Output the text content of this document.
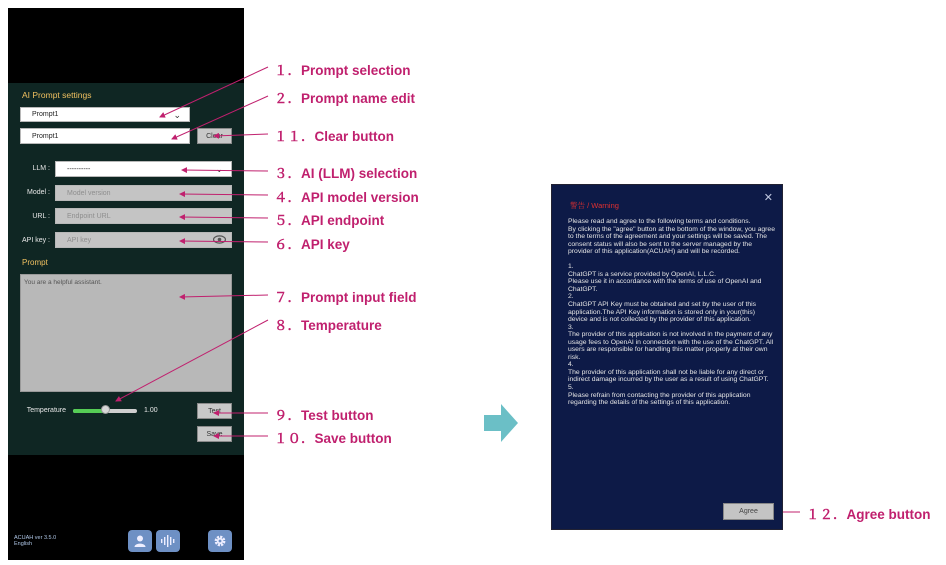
AI Prompt settings
Prompt1	⌄
Prompt1	Clear
LLM : ----------	⌄
Model : Model version
URL : Endpoint URL
API key : API key
Prompt
You are a helpful assistant.
Temperature	1.00	Test
Save
ACUAH ver 3.5.0
English
１．Prompt selection
２．Prompt name edit
１１．Clear button
３．AI (LLM) selection
４．API model version
５．API endpoint
６．API key
７．Prompt input field
８．Temperature
９．Test button
１０．Save button
１２．Agree button
警告 / Warning
✕

Please read and agree to the following terms and conditions.
By clicking the "agree" button at the bottom of the window, you agree to the terms of the agreement and your settings will be saved. The consent status will also be sent to the server managed by the provider of this application(ACUAH) and will be recorded.

1.
ChatGPT is a service provided by OpenAI, L.L.C.
Please use it in accordance with the terms of use of OpenAI and ChatGPT.
2.
ChatGPT API Key must be obtained and set by the user of this application.The API Key information is stored only in your(this) device and is not collected by the provider of this application.
3.
The provider of this application is not involved in the payment of any usage fees to OpenAI in connection with the use of the ChatGPT. All users are responsible for handling this matter properly at their own risk.
4.
The provider of this application shall not be liable for any direct or indirect damage incurred by the user as a result of using ChatGPT.
5.
Please refrain from contacting the provider of this application regarding the details of the settings of this application.

Agree
